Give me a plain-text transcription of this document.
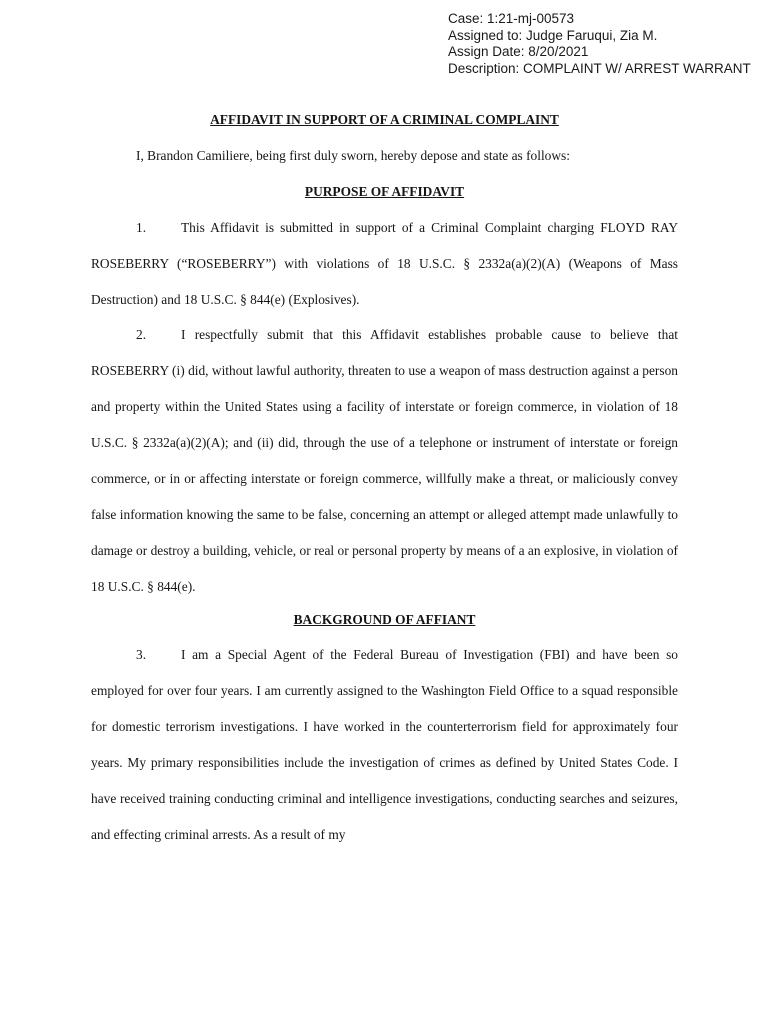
Case: 1:21-mj-00573
Assigned to: Judge Faruqui, Zia M.
Assign Date: 8/20/2021
Description: COMPLAINT W/ ARREST WARRANT
AFFIDAVIT IN SUPPORT OF A CRIMINAL COMPLAINT
I, Brandon Camiliere, being first duly sworn, hereby depose and state as follows:
PURPOSE OF AFFIDAVIT
1.	This Affidavit is submitted in support of a Criminal Complaint charging FLOYD RAY ROSEBERRY (“ROSEBERRY”) with violations of 18 U.S.C. § 2332a(a)(2)(A) (Weapons of Mass Destruction) and 18 U.S.C. § 844(e) (Explosives).
2.	I respectfully submit that this Affidavit establishes probable cause to believe that ROSEBERRY (i) did, without lawful authority, threaten to use a weapon of mass destruction against a person and property within the United States using a facility of interstate or foreign commerce, in violation of 18 U.S.C. § 2332a(a)(2)(A); and (ii) did, through the use of a telephone or instrument of interstate or foreign commerce, or in or affecting interstate or foreign commerce, willfully make a threat, or maliciously convey false information knowing the same to be false, concerning an attempt or alleged attempt made unlawfully to damage or destroy a building, vehicle, or real or personal property by means of a an explosive, in violation of 18 U.S.C. § 844(e).
BACKGROUND OF AFFIANT
3.	I am a Special Agent of the Federal Bureau of Investigation (FBI) and have been so employed for over four years. I am currently assigned to the Washington Field Office to a squad responsible for domestic terrorism investigations. I have worked in the counterterrorism field for approximately four years. My primary responsibilities include the investigation of crimes as defined by United States Code. I have received training conducting criminal and intelligence investigations, conducting searches and seizures, and effecting criminal arrests. As a result of my
